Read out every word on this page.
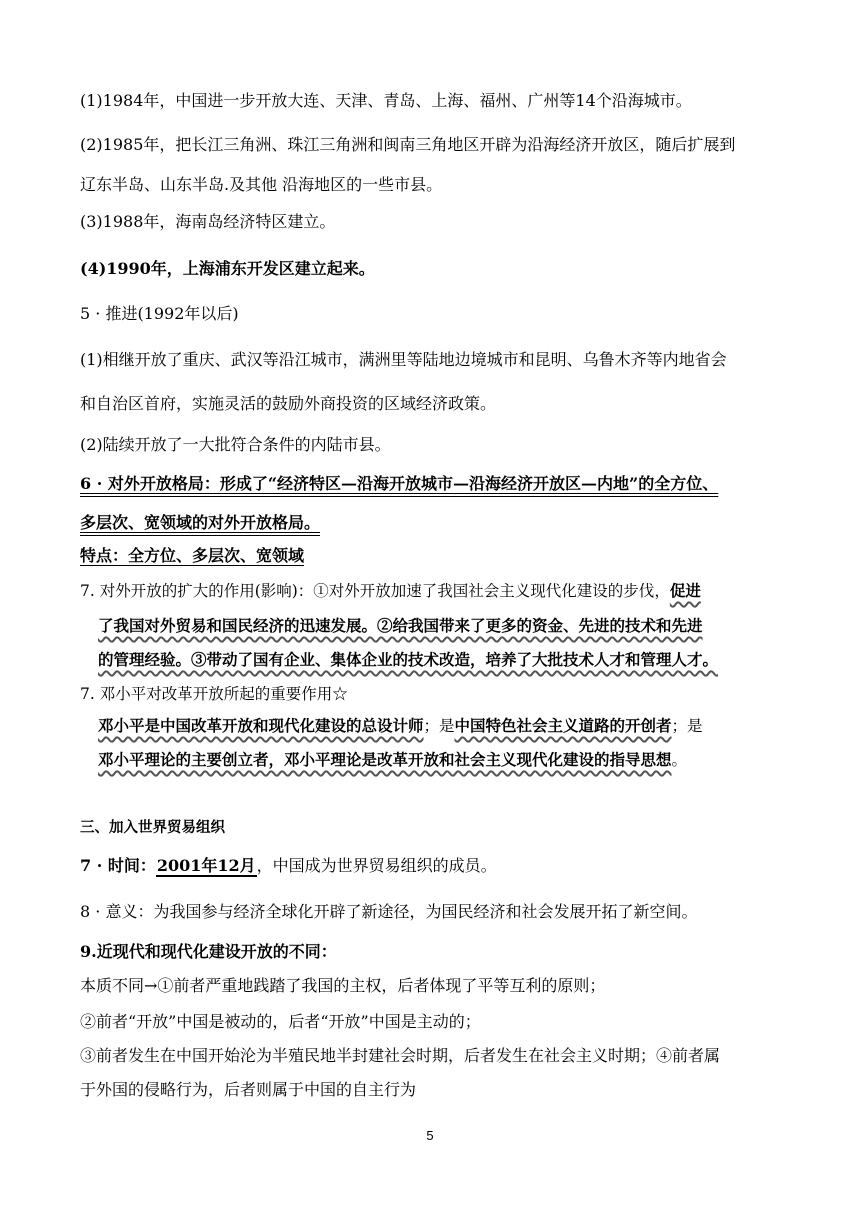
(1)1984年，中国进一步开放大连、天津、青岛、上海、福州、广州等14个沿海城市。
(2)1985年，把长江三角洲、珠江三角洲和闽南三角地区开辟为沿海经济开放区，随后扩展到
辽东半岛、山东半岛.及其他 沿海地区的一些市县。
(3)1988年，海南岛经济特区建立。
(4)1990年，上海浦东开发区建立起来。
5 · 推进(1992年以后)
(1)相继开放了重庆、武汉等沿江城市，满洲里等陆地边境城市和昆明、乌鲁木齐等内地省会
和自治区首府，实施灵活的鼓励外商投资的区域经济政策。
(2)陆续开放了一大批符合条件的内陆市县。
6 · 对外开放格局：形成了“经济特区—沿海开放城市—沿海经济开放区—内地”的全方位、
多层次、宽领域的对外开放格局。
特点：全方位、多层次、宽领域
7. 对外开放的扩大的作用(影响)：①对外开放加速了我国社会主义现代化建设的步伐，促进
了我国对外贸易和国民经济的迅速发展。②给我国带来了更多的资金、先进的技术和先进
的管理经验。③带动了国有企业、集体企业的技术改造，培养了大批技术人才和管理人才。
7. 邓小平对改革开放所起的重要作用☆
邓小平是中国改革开放和现代化建设的总设计师；是中国特色社会主义道路的开创者；是
邓小平理论的主要创立者，邓小平理论是改革开放和社会主义现代化建设的指导思想。
三、加入世界贸易组织
7 · 时间：2001年12月，中国成为世界贸易组织的成员。
8 · 意义：为我国参与经济全球化开辟了新途径，为国民经济和社会发展开拓了新空间。
9.近现代和现代化建设开放的不同：
本质不同→①前者严重地践踏了我国的主权，后者体现了平等互利的原则；
②前者“开放”中国是被动的，后者“开放”中国是主动的；
③前者发生在中国开始沦为半殖民地半封建社会时期，后者发生在社会主义时期；④前者属
于外国的侵略行为，后者则属于中国的自主行为
5
